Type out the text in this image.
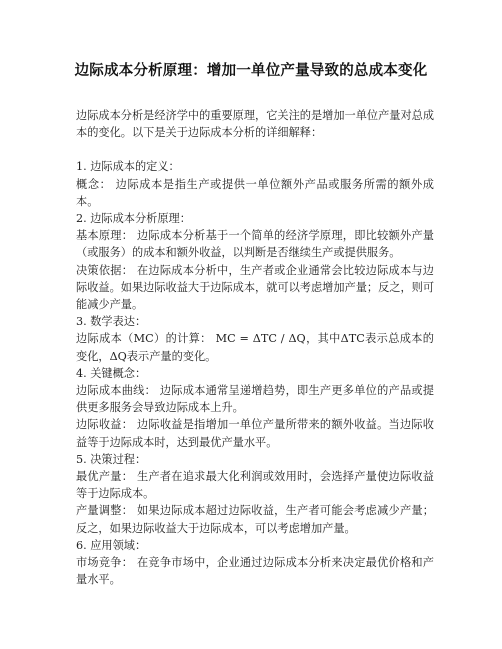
边际成本分析原理：增加一单位产量导致的总成本变化

边际成本分析是经济学中的重要原理，它关注的是增加一单位产量对总成本的变化。以下是关于边际成本分析的详细解释：

1. 边际成本的定义：

概念： 边际成本是指生产或提供一单位额外产品或服务所需的额外成本。

2. 边际成本分析原理：

基本原理： 边际成本分析基于一个简单的经济学原理，即比较额外产量（或服务）的成本和额外收益，以判断是否继续生产或提供服务。

决策依据： 在边际成本分析中，生产者或企业通常会比较边际成本与边际收益。如果边际收益大于边际成本，就可以考虑增加产量；反之，则可能减少产量。

3. 数学表达：

边际成本（MC）的计算： MC = ΔTC / ΔQ，其中ΔTC表示总成本的变化，ΔQ表示产量的变化。

4. 关键概念：

边际成本曲线： 边际成本通常呈递增趋势，即生产更多单位的产品或提供更多服务会导致边际成本上升。

边际收益： 边际收益是指增加一单位产量所带来的额外收益。当边际收益等于边际成本时，达到最优产量水平。

5. 决策过程：

最优产量： 生产者在追求最大化利润或效用时，会选择产量使边际收益等于边际成本。

产量调整： 如果边际成本超过边际收益，生产者可能会考虑减少产量；反之，如果边际收益大于边际成本，可以考虑增加产量。

6. 应用领域：

市场竞争： 在竞争市场中，企业通过边际成本分析来决定最优价格和产量水平。
